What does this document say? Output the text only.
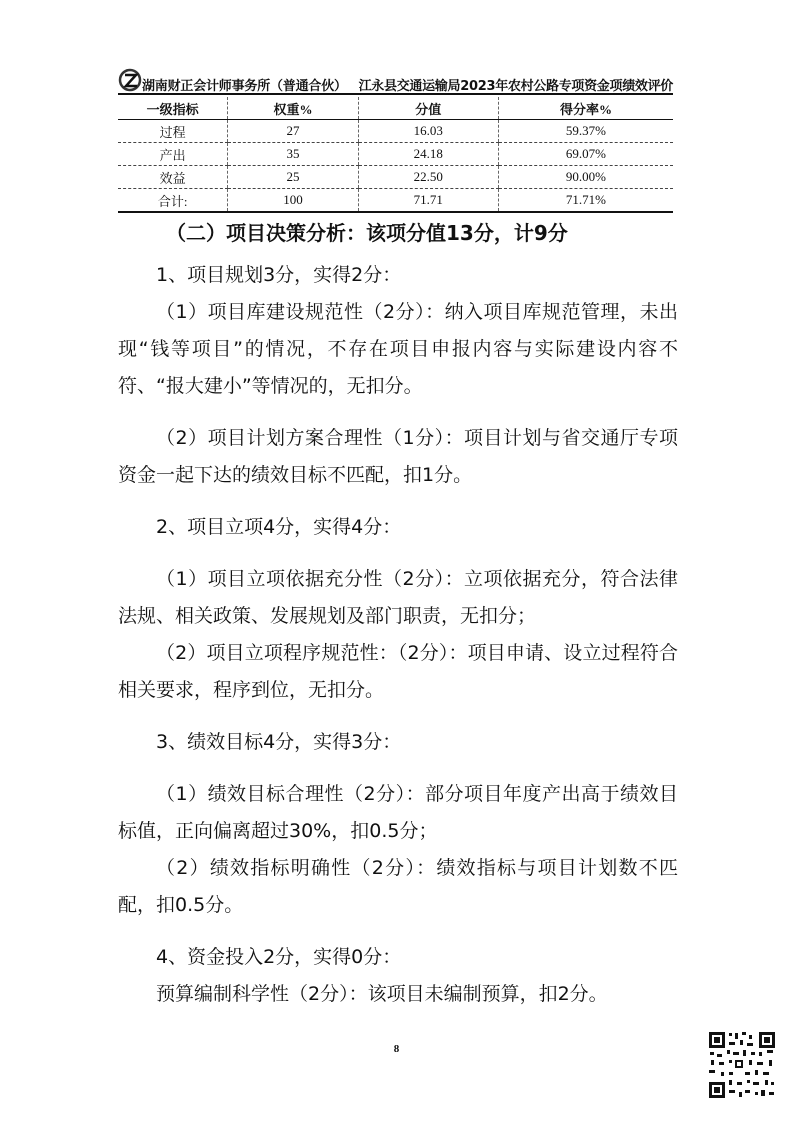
湖南财正会计师事务所（普通合伙） 江永县交通运输局2023年农村公路专项资金项绩效评价
一级指标	权重%	分值	得分率%
过程	27	16.03	59.37%
产出	35	24.18	69.07%
效益	25	22.50	90.00%
合计:	100	71.71	71.71%

（二）项目决策分析：该项分值13分，计9分

1、项目规划3分，实得2分：

（1）项目库建设规范性（2分）：纳入项目库规范管理，未出现“钱等项目”的情况，不存在项目申报内容与实际建设内容不符、“报大建小”等情况的，无扣分。

（2）项目计划方案合理性（1分）：项目计划与省交通厅专项资金一起下达的绩效目标不匹配，扣1分。

2、项目立项4分，实得4分：

（1）项目立项依据充分性（2分）：立项依据充分，符合法律法规、相关政策、发展规划及部门职责，无扣分；

（2）项目立项程序规范性：（2分）：项目申请、设立过程符合相关要求，程序到位，无扣分。

3、绩效目标4分，实得3分：

（1）绩效目标合理性（2分）：部分项目年度产出高于绩效目标值，正向偏离超过30%，扣0.5分；

（2）绩效指标明确性（2分）：绩效指标与项目计划数不匹配，扣0.5分。

4、资金投入2分，实得0分：

预算编制科学性（2分）：该项目未编制预算，扣2分。

8
